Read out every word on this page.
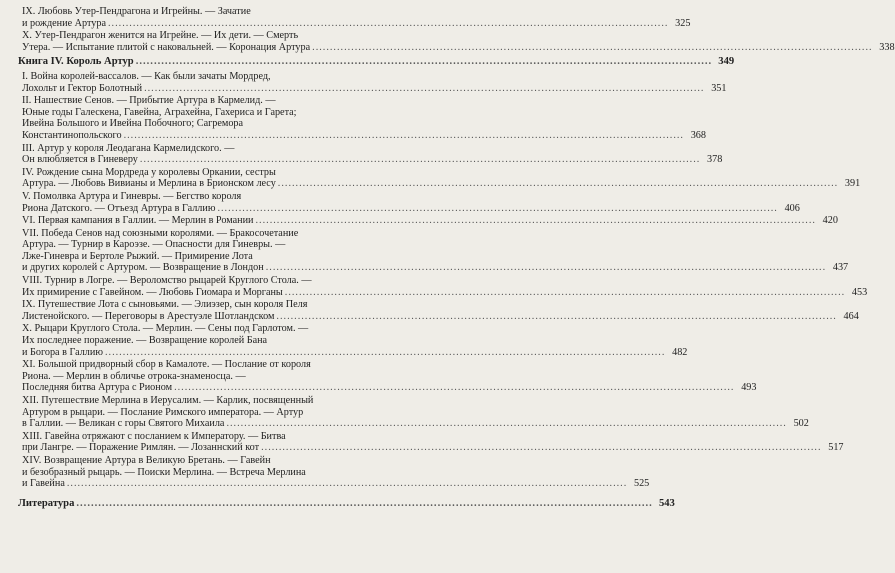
IX. Любовь Утер-Пендрагона и Игрейны. — Зачатие
и рождение Артура .....	325
X. Утер-Пендрагон женится на Игрейне. — Их дети. — Смерть
Утера. — Испытание плитой с наковальней. — Коронация Артура .....	338
Книга IV. Король Артур .....	349
I. Война королей-вассалов. — Как были зачаты Мордред,
Лохольт и Гектор Болотный .....	351
II. Нашествие Сенов. — Прибытие Артура в Кармелид. —
Юные годы Галескена, Гавейна, Аграхейна, Гахериса и Гарета;
Ивейна Большого и Ивейна Побочного; Сагремора
Константинопольского .....	368
III. Артур у короля Леодагана Кармелидского. —
Он влюбляется в Гиневеру .....	378
IV. Рождение сына Мордреда у королевы Оркании, сестры
Артура. — Любовь Вивианы и Мерлина в Брионском лесу .....	391
V. Помолвка Артура и Гиневры. — Бегство короля
Риона Датского. — Отъезд Артура в Галлию .....	406
VI. Первая кампания в Галлии. — Мерлин в Романии .....	420
VII. Победа Сенов над союзными королями. — Бракосочетание
Артура. — Турнир в Кароэзе. — Опасности для Гиневры. —
Лже-Гиневра и Бертоле Рыжий. — Примирение Лота
и других королей с Артуром. — Возвращение в Лондон .....	437
VIII. Турнир в Логре. — Вероломство рыцарей Круглого Стола. —
Их примирение с Гавейном. — Любовь Гиомара и Морганы .....	453
IX. Путешествие Лота с сыновьями. — Элиэзер, сын короля Пеля
Листенойского. — Переговоры в Арестуэле Шотландском .....	464
X. Рыцари Круглого Стола. — Мерлин. — Сены под Гарлотом. —
Их последнее поражение. — Возвращение королей Бана
и Богора в Галлию .....	482
XI. Большой придворный сбор в Камалоте. — Послание от короля
Риона. — Мерлин в обличье отрока-знаменосца. —
Последняя битва Артура с Рионом .....	493
XII. Путешествие Мерлина в Иерусалим. — Карлик, посвященный
Артуром в рыцари. — Послание Римского императора. — Артур
в Галлии. — Великан с горы Святого Михаила .....	502
XIII. Гавейна отряжают с посланием к Императору. — Битва
при Лангре. — Поражение Римлян. — Лозаннский кот .....	517
XIV. Возвращение Артура в Великую Бретань. — Гавейн
и безобразный рыцарь. — Поиски Мерлина. — Встреча Мерлина
и Гавейна .....	525
Литература .....	543
